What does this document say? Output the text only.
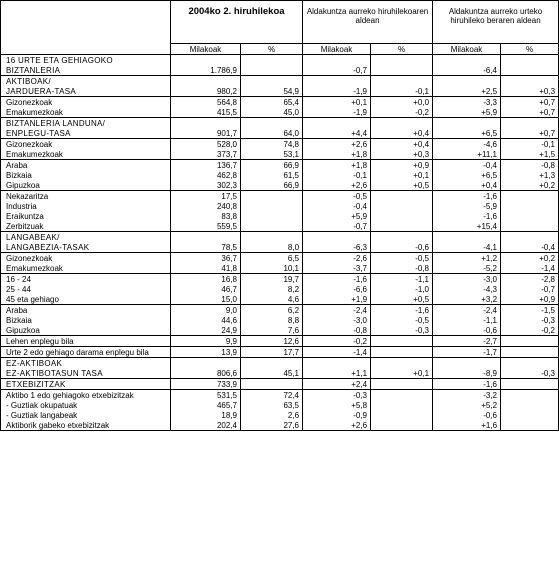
	2004ko 2. hiruhilekoa		Aldakuntza aurreko hiruhilekoaren aldean		Aldakuntza aurreko urteko hiruhileko beraren aldean	
	Milakoak	%	Milakoak	%	Milakoak	%
16 URTE ETA GEHIAGOKO						
BIZTANLERIA	1.786,9		-0,7		-6,4	
AKTIBOAK/						
JARDUERA-TASA	980,2	54,9	-1,9	-0,1	+2,5	+0,3
Gizonezkoak	564,8	65,4	+0,1	+0,0	-3,3	+0,7
Emakumezkoak	415,5	45,0	-1,9	-0,2	+5,9	+0,7
BIZTANLERIA LANDUNA/						
ENPLEGU-TASA	901,7	64,0	+4,4	+0,4	+6,5	+0,7
Gizonezkoak	528,0	74,8	+2,6	+0,4	-4,6	-0,1
Emakumezkoak	373,7	53,1	+1,8	+0,3	+11,1	+1,5
Araba	136,7	66,9	+1,8	+0,9	-0,4	-0,8
Bizkaia	462,8	61,5	-0,1	+0,1	+6,5	+1,3
Gipuzkoa	302,3	66,9	+2,6	+0,5	+0,4	+0,2
Nekazaritza	17,5		-0,5		-1,6	
Industria	240,8		-0,4		-5,9	
Eraikuntza	83,8		+5,9		-1,6	
Zerbitzuak	559,5		-0,7		+15,4	
LANGABEAK/						
LANGABEZIA-TASAK	78,5	8,0	-6,3	-0,6	-4,1	-0,4
Gizonezkoak	36,7	6,5	-2,6	-0,5	+1,2	+0,2
Emakumezkoak	41,8	10,1	-3,7	-0,8	-5,2	-1,4
16 - 24	16,8	19,7	-1,6	-1,1	-3,0	-2,8
25 - 44	46,7	8,2	-6,6	-1,0	-4,3	-0,7
45 eta gehiago	15,0	4,6	+1,9	+0,5	+3,2	+0,9
Araba	9,0	6,2	-2,4	-1,6	-2,4	-1,5
Bizkaia	44,6	8,8	-3,0	-0,5	-1,1	-0,3
Gipuzkoa	24,9	7,6	-0,8	-0,3	-0,6	-0,2
Lehen enplegu bila	9,9	12,6	-0,2		-2,7	
Urte 2 edo gehiago darama enplegu bila	13,9	17,7	-1,4		-1,7	
EZ-AKTIBOAK						
EZ-AKTIBOTASUN TASA	806,6	45,1	+1,1	+0,1	-8,9	-0,3
ETXEBIZITZAK	733,9		+2,4		-1,6	
Aktibo 1 edo gehiagoko etxebizitzak	531,5	72,4	-0,3		-3,2	
- Guztiak okupatuak	465,7	63,5	+5,8		+5,2	
- Guztiak langabeak	18,9	2,6	-0,9		-0,6	
Aktiborik gabeko etxebizitzak	202,4	27,6	+2,6		+1,6	
